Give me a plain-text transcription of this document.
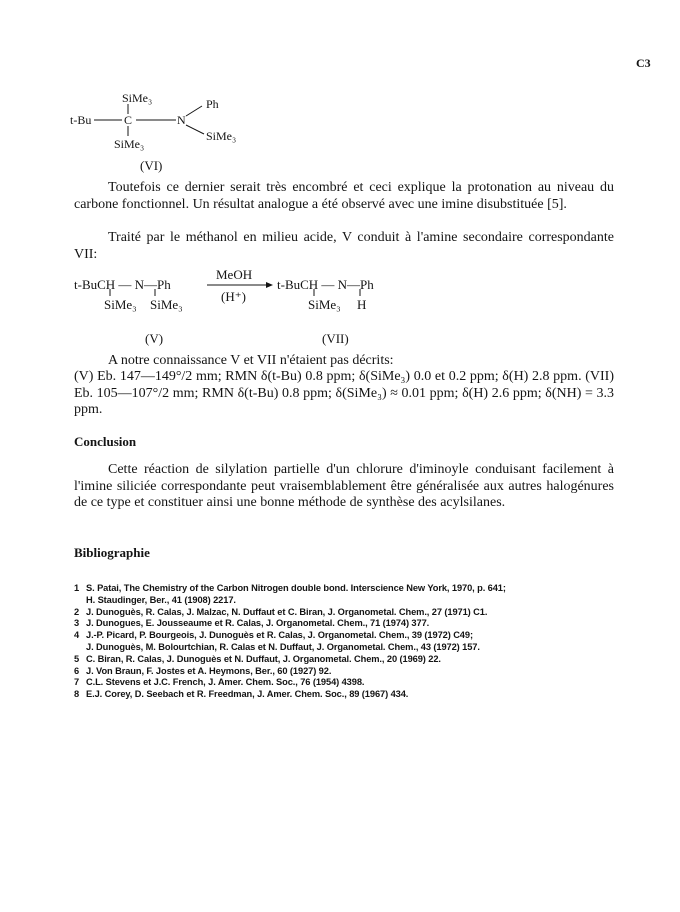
C3
SiMe₃	Ph
t-Bu	C	N
SiMe₃
SiMe₃
(VI)

Toutefois ce dernier serait très encombré et ceci explique la protonation au niveau du carbone fonctionnel. Un résultat analogue a été observé avec une imine disubstituée [5].

Traité par le méthanol en milieu acide, V conduit à l'amine secondaire correspondante VII:

t-BuCH — N—Ph
SiMe₃ SiMe₃
MeOH
(H⁺)
t-BuCH — N—Ph
SiMe₃ H
(V)	(VII)

A notre connaissance V et VII n'étaient pas décrits:

(V) Eb. 147—149°/2 mm; RMN δ(t-Bu) 0.8 ppm; δ(SiMe₃) 0.0 et 0.2 ppm; δ(H) 2.8 ppm. (VII) Eb. 105—107°/2 mm; RMN δ(t-Bu) 0.8 ppm; δ(SiMe₃) ≈ 0.01 ppm; δ(H) 2.6 ppm; δ(NH) = 3.3 ppm.

Conclusion

Cette réaction de silylation partielle d'un chlorure d'iminoyle conduisant facilement à l'imine siliciée correspondante peut vraisemblablement être généralisée aux autres halogénures de ce type et constituer ainsi une bonne méthode de synthèse des acylsilanes.

Bibliographie

1 S. Patai, The Chemistry of the Carbon Nitrogen double bond. Interscience New York, 1970, p. 641;
H. Staudinger, Ber., 41 (1908) 2217.
2 J. Dunoguès, R. Calas, J. Malzac, N. Duffaut et C. Biran, J. Organometal. Chem., 27 (1971) C1.
3 J. Dunogues, E. Jousseaume et R. Calas, J. Organometal. Chem., 71 (1974) 377.
4 J.-P. Picard, P. Bourgeois, J. Dunoguès et R. Calas, J. Organometal. Chem., 39 (1972) C49;
J. Dunoguès, M. Bolourtchian, R. Calas et N. Duffaut, J. Organometal. Chem., 43 (1972) 157.
5 C. Biran, R. Calas, J. Dunoguès et N. Duffaut, J. Organometal. Chem., 20 (1969) 22.
6 J. Von Braun, F. Jostes et A. Heymons, Ber., 60 (1927) 92.
7 C.L. Stevens et J.C. French, J. Amer. Chem. Soc., 76 (1954) 4398.
8 E.J. Corey, D. Seebach et R. Freedman, J. Amer. Chem. Soc., 89 (1967) 434.
